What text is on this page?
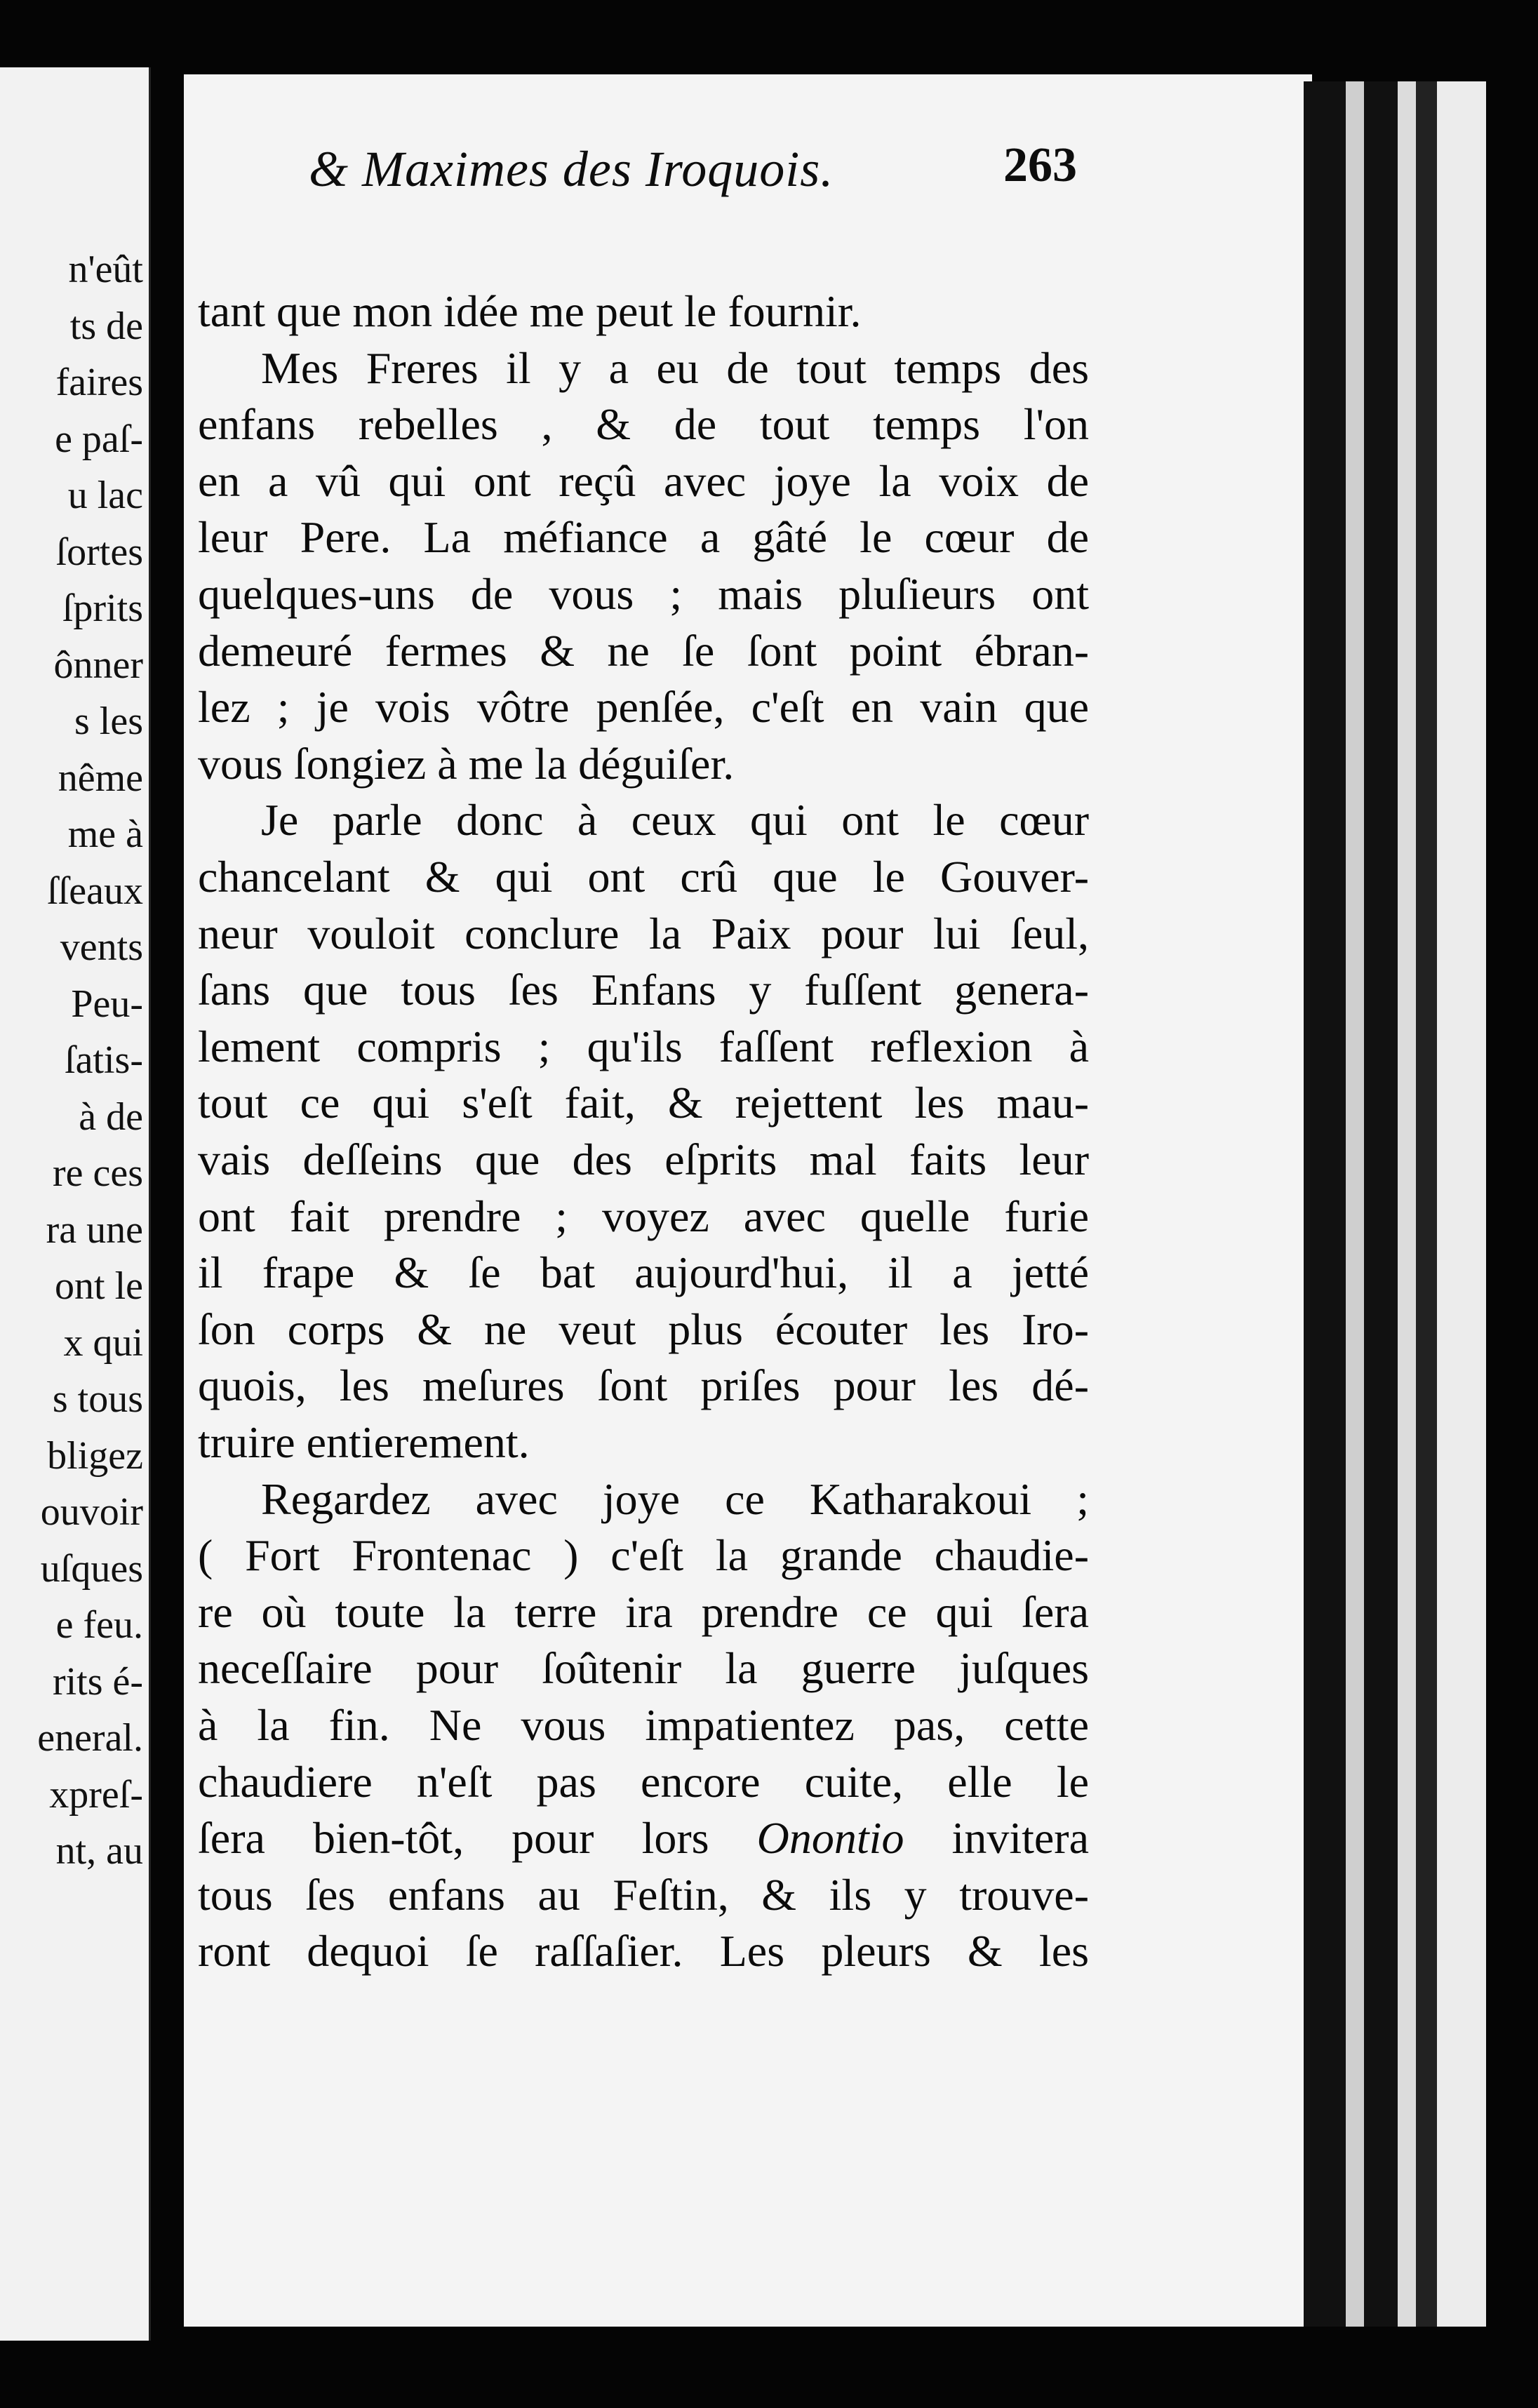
n'eût
ts de
faires
e paſ-
u lac
ſortes
ſprits
ônner
s les
nême
me à
ſſeaux
vents
Peu-
ſatis-
à de
re ces
ra une
ont le
x qui
s tous
bligez
ouvoir
uſques
e feu.
rits é-
eneral.
xpreſ-
nt, au
& Maximes des Iroquois.	263
tant que mon idée me peut le fournir.
Mes Freres il y a eu de tout temps des
enfans rebelles , & de tout temps l'on
en a vû qui ont reçû avec joye la voix de
leur Pere. La méfiance a gâté le cœur de
quelques-uns de vous ; mais pluſieurs ont
demeuré fermes & ne ſe ſont point ébran-
lez ; je vois vôtre penſée, c'eſt en vain que
vous ſongiez à me la déguiſer.
Je parle donc à ceux qui ont le cœur
chancelant & qui ont crû que le Gouver-
neur vouloit conclure la Paix pour lui ſeul,
ſans que tous ſes Enfans y fuſſent genera-
lement compris ; qu'ils faſſent reflexion à
tout ce qui s'eſt fait, & rejettent les mau-
vais deſſeins que des eſprits mal faits leur
ont fait prendre ; voyez avec quelle furie
il frape & ſe bat aujourd'hui, il a jetté
ſon corps & ne veut plus écouter les Iro-
quois, les meſures ſont priſes pour les dé-
truire entierement.
Regardez avec joye ce Katharakoui ;
( Fort Frontenac ) c'eſt la grande chaudie-
re où toute la terre ira prendre ce qui ſera
neceſſaire pour ſoûtenir la guerre juſques
à la fin. Ne vous impatientez pas, cette
chaudiere n'eſt pas encore cuite, elle le
ſera bien-tôt, pour lors Onontio invitera
tous ſes enfans au Feſtin, & ils y trouve-
ront dequoi ſe raſſaſier. Les pleurs & les
